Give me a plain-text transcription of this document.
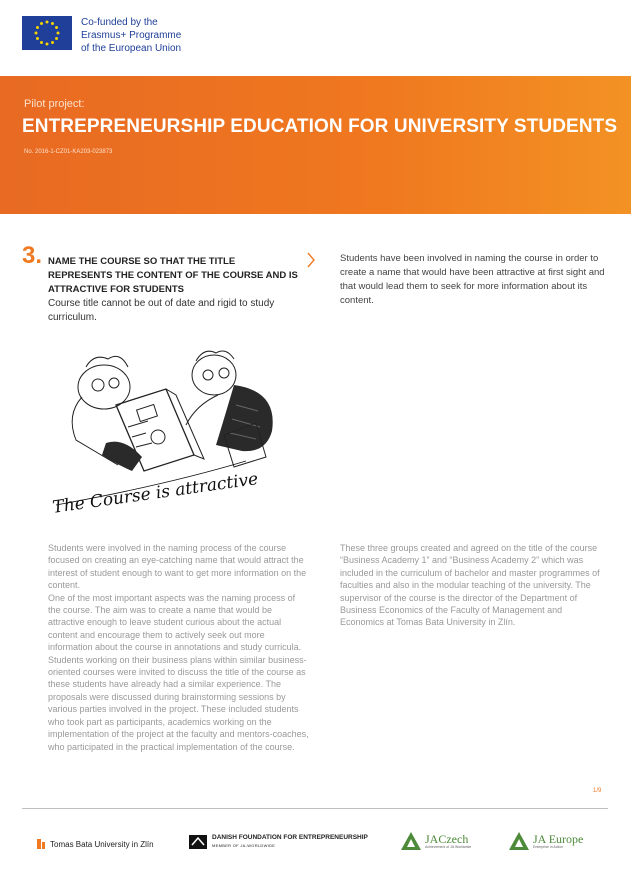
Co-funded by the
Erasmus+ Programme
of the European Union
Pilot project:
ENTREPRENEURSHIP EDUCATION FOR UNIVERSITY STUDENTS
No. 2016-1-CZ01-KA203-023873
3. NAME THE COURSE SO THAT THE TITLE REPRESENTS THE CONTENT OF THE COURSE AND IS ATTRACTIVE FOR STUDENTS
Course title cannot be out of date and rigid to study curriculum.
Students have been involved in naming the course in order to create a name that would have been attractive at first sight and that would lead them to seek for more information about its content.
The Course is attractive

Students were involved in the naming process of the course focused on creating an eye-catching name that would attract the interest of student enough to want to get more information on the content.

One of the most important aspects was the naming process of the course. The aim was to create a name that would be attractive enough to leave student curious about the actual content and encourage them to actively seek out more information about the course in annotations and study curricula. Students working on their business plans within similar business-oriented courses were invited to discuss the title of the course as these students have already had a similar experience. The proposals were discussed during brainstorming sessions by various parties involved in the project. These included students who took part as participants, academics working on the implementation of the project at the faculty and mentors-coaches, who participated in the practical implementation of the course.

These three groups created and agreed on the title of the course “Business Academy 1” and “Business Academy 2” which was included in the curriculum of bachelor and master programmes of faculties and also in the modular teaching of the university. The supervisor of the course is the director of the Department of Business Economics of the Faculty of Management and Economics at Tomas Bata University in Zlín.

1/9
Tomas Bata University in Zlín
DANISH FOUNDATION FOR ENTREPRENEURSHIP
MEMBER OF JA-WORLDWIDE	JACzech
Achievement of JA Worldwide
JA Europe
Enterprise in Action
